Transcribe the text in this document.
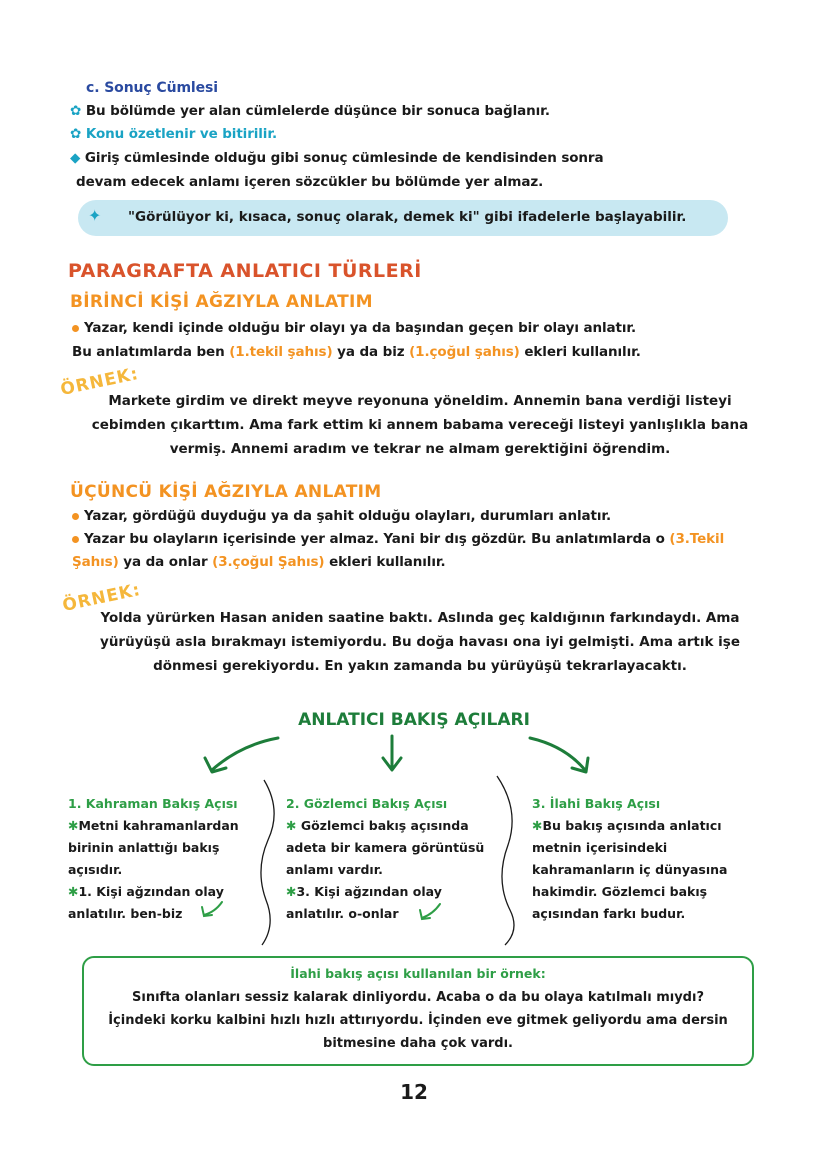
c. Sonuç Cümlesi
✿ Bu bölümde yer alan cümlelerde düşünce bir sonuca bağlanır.
✿ Konu özetlenir ve bitirilir.
◆ Giriş cümlesinde olduğu gibi sonuç cümlesinde de kendisinden sonra
devam edecek anlamı içeren sözcükler bu bölümde yer almaz.
✦ "Görülüyor ki, kısaca, sonuç olarak, demek ki" gibi ifadelerle başlayabilir.
PARAGRAFTA ANLATICI TÜRLERİ
BİRİNCİ KİŞİ AĞZIYLA ANLATIM
Yazar, kendi içinde olduğu bir olayı ya da başından geçen bir olayı anlatır.
Bu anlatımlarda ben (1.tekil şahıs) ya da biz (1.çoğul şahıs) ekleri kullanılır.
ÖRNEK:
Markete girdim ve direkt meyve reyonuna yöneldim. Annemin bana verdiği listeyi
cebimden çıkarttım. Ama fark ettim ki annem babama vereceği listeyi yanlışlıkla bana
vermiş. Annemi aradım ve tekrar ne almam gerektiğini öğrendim.
ÜÇÜNCÜ KİŞİ AĞZIYLA ANLATIM
Yazar, gördüğü duyduğu ya da şahit olduğu olayları, durumları anlatır.
Yazar bu olayların içerisinde yer almaz. Yani bir dış gözdür. Bu anlatımlarda o (3.Tekil
Şahıs) ya da onlar (3.çoğul Şahıs) ekleri kullanılır.
ÖRNEK:
Yolda yürürken Hasan aniden saatine baktı. Aslında geç kaldığının farkındaydı. Ama
yürüyüşü asla bırakmayı istemiyordu. Bu doğa havası ona iyi gelmişti. Ama artık işe
dönmesi gerekiyordu. En yakın zamanda bu yürüyüşü tekrarlayacaktı.
ANLATICI BAKIŞ AÇILARI
1. Kahraman Bakış Açısı
✱Metni kahramanlardan
birinin anlattığı bakış
açısıdır.
✱1. Kişi ağzından olay
anlatılır. ben-biz
2. Gözlemci Bakış Açısı
✱ Gözlemci bakış açısında
adeta bir kamera görüntüsü
anlamı vardır.
✱3. Kişi ağzından olay
anlatılır. o-onlar
3. İlahi Bakış Açısı
✱Bu bakış açısında anlatıcı
metnin içerisindeki
kahramanların iç dünyasına
hakimdir. Gözlemci bakış
açısından farkı budur.
İlahi bakış açısı kullanılan bir örnek:
Sınıfta olanları sessiz kalarak dinliyordu. Acaba o da bu olaya katılmalı mıydı?
İçindeki korku kalbini hızlı hızlı attırıyordu. İçinden eve gitmek geliyordu ama dersin
bitmesine daha çok vardı.
12
